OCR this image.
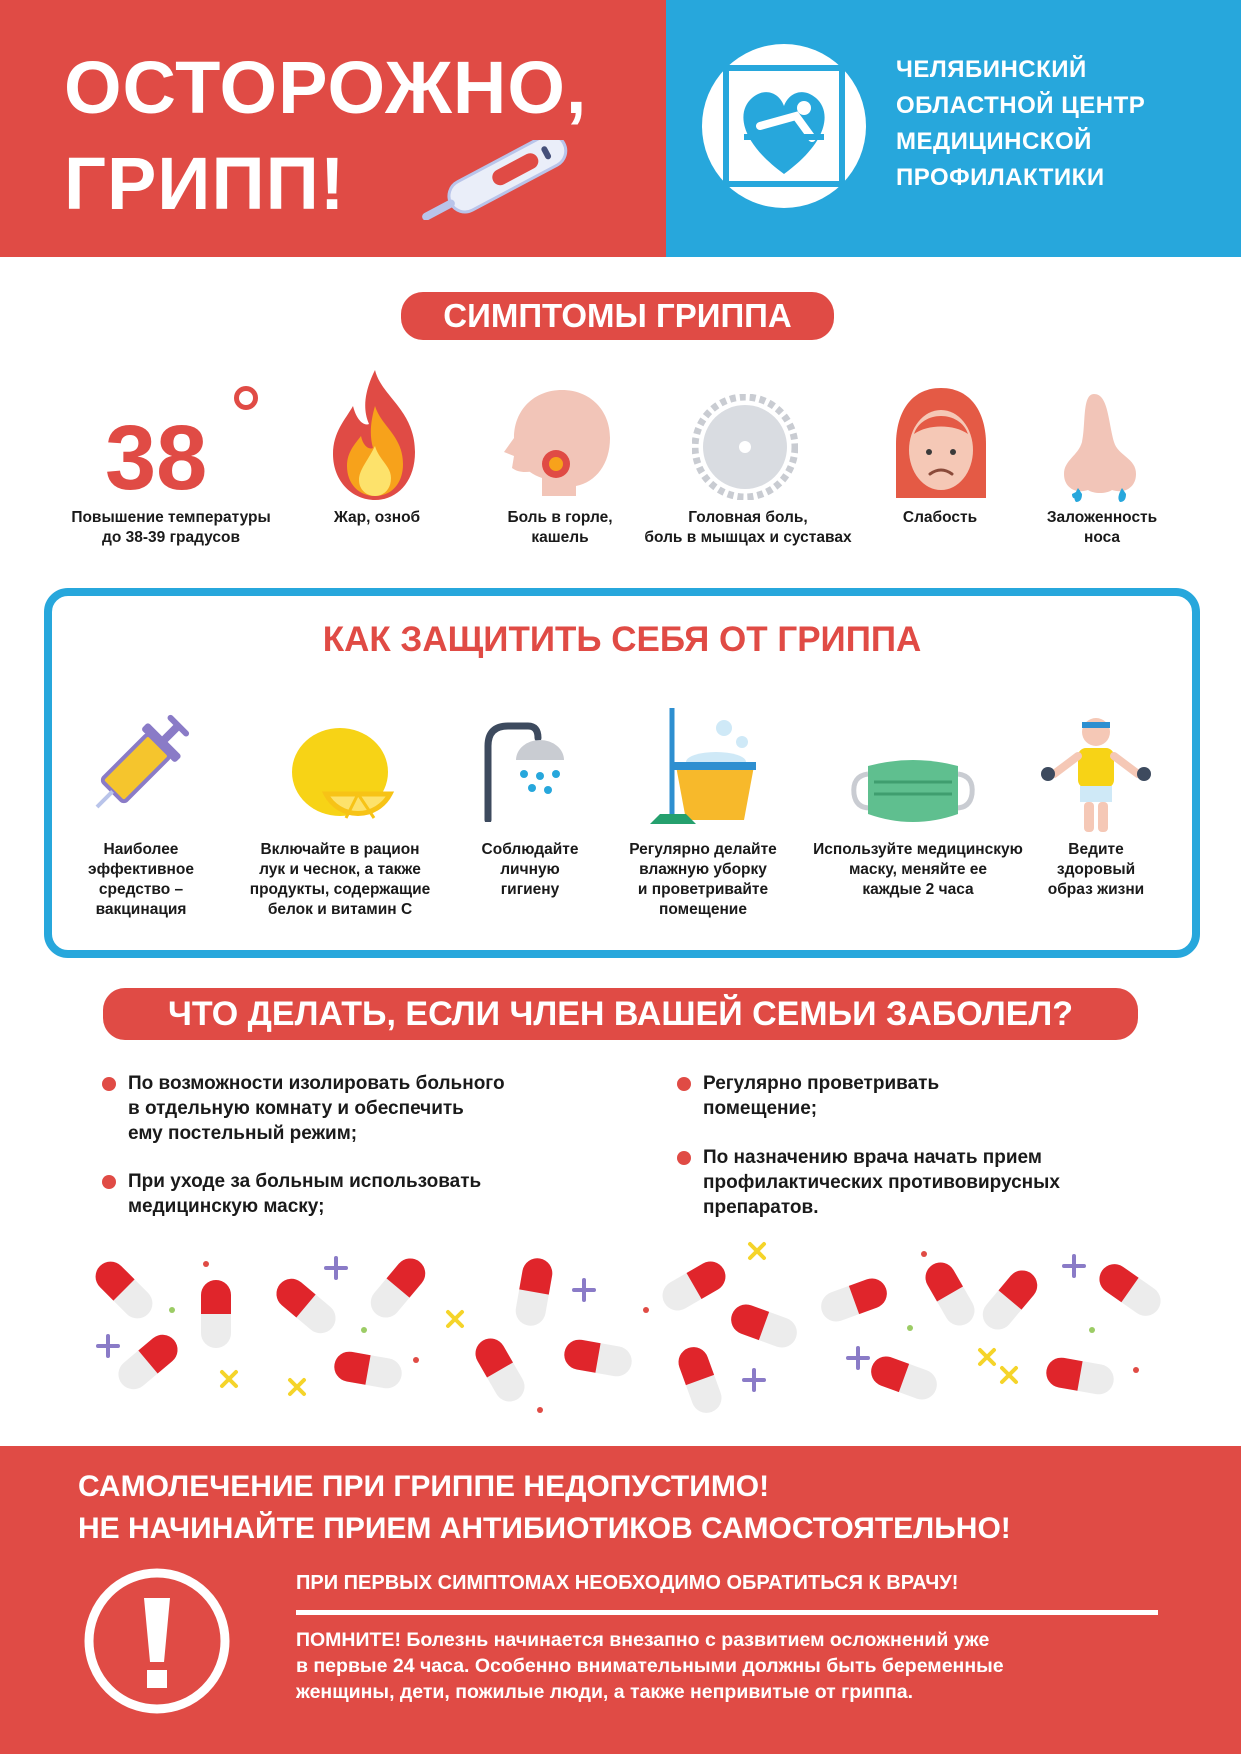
ОСТОРОЖНО,
ГРИПП!
ЧЕЛЯБИНСКИЙ
ОБЛАСТНОЙ ЦЕНТР
МЕДИЦИНСКОЙ
ПРОФИЛАКТИКИ
СИМПТОМЫ ГРИППА
38
Повышение температуры
до 38-39 градусов
Жар, озноб	Боль в горле,
кашель
Головная боль,
боль в мышцах и суставах
Слабость	Заложенность
носа
КАК ЗАЩИТИТЬ СЕБЯ ОТ ГРИППА
Наиболее
эффективное
средство –
вакцинация
Включайте в рацион
лук и чеснок, а также
продукты, содержащие
белок и витамин С
Соблюдайте
личную
гигиену
Регулярно делайте
влажную уборку
и проветривайте
помещение
Используйте медицинскую
маску, меняйте ее
каждые 2 часа
Ведите
здоровый
образ жизни
ЧТО ДЕЛАТЬ, ЕСЛИ ЧЛЕН ВАШЕЙ СЕМЬИ ЗАБОЛЕЛ?
По возможности изолировать больного
в отдельную комнату и обеспечить
ему постельный режим;
При уходе за больным использовать
медицинскую маску;
Регулярно проветривать
помещение;
По назначению врача начать прием
профилактических противовирусных
препаратов.
САМОЛЕЧЕНИЕ ПРИ ГРИППЕ НЕДОПУСТИМО!
НЕ НАЧИНАЙТЕ ПРИЕМ АНТИБИОТИКОВ САМОСТОЯТЕЛЬНО!
ПРИ ПЕРВЫХ СИМПТОМАХ НЕОБХОДИМО ОБРАТИТЬСЯ К ВРАЧУ!
ПОМНИТЕ! Болезнь начинается внезапно с развитием осложнений уже
в первые 24 часа. Особенно внимательными должны быть беременные
женщины, дети, пожилые люди, а также непривитые от гриппа.
